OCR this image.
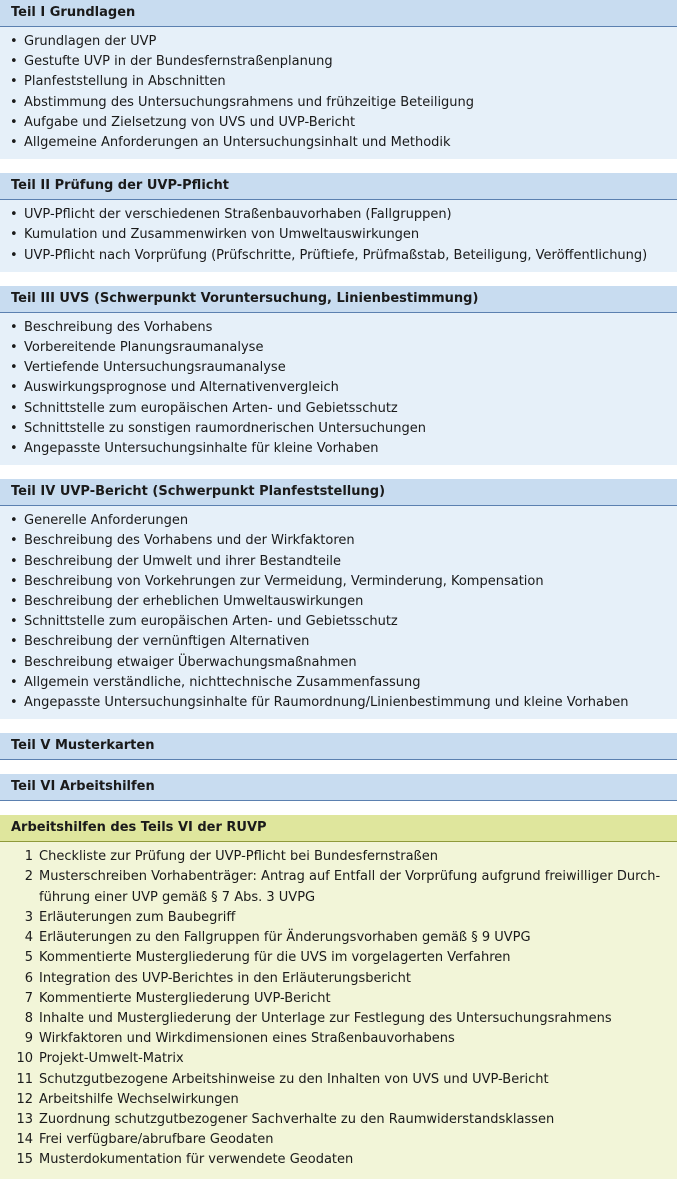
Teil I Grundlagen
• Grundlagen der UVP
• Gestufte UVP in der Bundesfernstraßenplanung
• Planfeststellung in Abschnitten
• Abstimmung des Untersuchungsrahmens und frühzeitige Beteiligung
• Aufgabe und Zielsetzung von UVS und UVP-Bericht
• Allgemeine Anforderungen an Untersuchungsinhalt und Methodik
Teil II Prüfung der UVP-Pflicht
• UVP-Pflicht der verschiedenen Straßenbauvorhaben (Fallgruppen)
• Kumulation und Zusammenwirken von Umweltauswirkungen
• UVP-Pflicht nach Vorprüfung (Prüfschritte, Prüftiefe, Prüfmaßstab, Beteiligung, Veröffentlichung)
Teil III UVS (Schwerpunkt Voruntersuchung, Linienbestimmung)
• Beschreibung des Vorhabens
• Vorbereitende Planungsraumanalyse
• Vertiefende Untersuchungsraumanalyse
• Auswirkungsprognose und Alternativenvergleich
• Schnittstelle zum europäischen Arten- und Gebietsschutz
• Schnittstelle zu sonstigen raumordnerischen Untersuchungen
• Angepasste Untersuchungsinhalte für kleine Vorhaben
Teil IV UVP-Bericht (Schwerpunkt Planfeststellung)
• Generelle Anforderungen
• Beschreibung des Vorhabens und der Wirkfaktoren
• Beschreibung der Umwelt und ihrer Bestandteile
• Beschreibung von Vorkehrungen zur Vermeidung, Verminderung, Kompensation
• Beschreibung der erheblichen Umweltauswirkungen
• Schnittstelle zum europäischen Arten- und Gebietsschutz
• Beschreibung der vernünftigen Alternativen
• Beschreibung etwaiger Überwachungsmaßnahmen
• Allgemein verständliche, nichttechnische Zusammenfassung
• Angepasste Untersuchungsinhalte für Raumordnung/Linienbestimmung und kleine Vorhaben
Teil V Musterkarten
Teil VI Arbeitshilfen
Arbeitshilfen des Teils VI der RUVP
1 Checkliste zur Prüfung der UVP-Pflicht bei Bundesfernstraßen
2 Musterschreiben Vorhabenträger: Antrag auf Entfall der Vorprüfung aufgrund freiwilliger Durch-
führung einer UVP gemäß § 7 Abs. 3 UVPG
3 Erläuterungen zum Baubegriff
4 Erläuterungen zu den Fallgruppen für Änderungsvorhaben gemäß § 9 UVPG
5 Kommentierte Mustergliederung für die UVS im vorgelagerten Verfahren
6 Integration des UVP-Berichtes in den Erläuterungsbericht
7 Kommentierte Mustergliederung UVP-Bericht
8 Inhalte und Mustergliederung der Unterlage zur Festlegung des Untersuchungsrahmens
9 Wirkfaktoren und Wirkdimensionen eines Straßenbauvorhabens
10 Projekt-Umwelt-Matrix
11 Schutzgutbezogene Arbeitshinweise zu den Inhalten von UVS und UVP-Bericht
12 Arbeitshilfe Wechselwirkungen
13 Zuordnung schutzgutbezogener Sachverhalte zu den Raumwiderstandsklassen
14 Frei verfügbare/abrufbare Geodaten
15 Musterdokumentation für verwendete Geodaten
